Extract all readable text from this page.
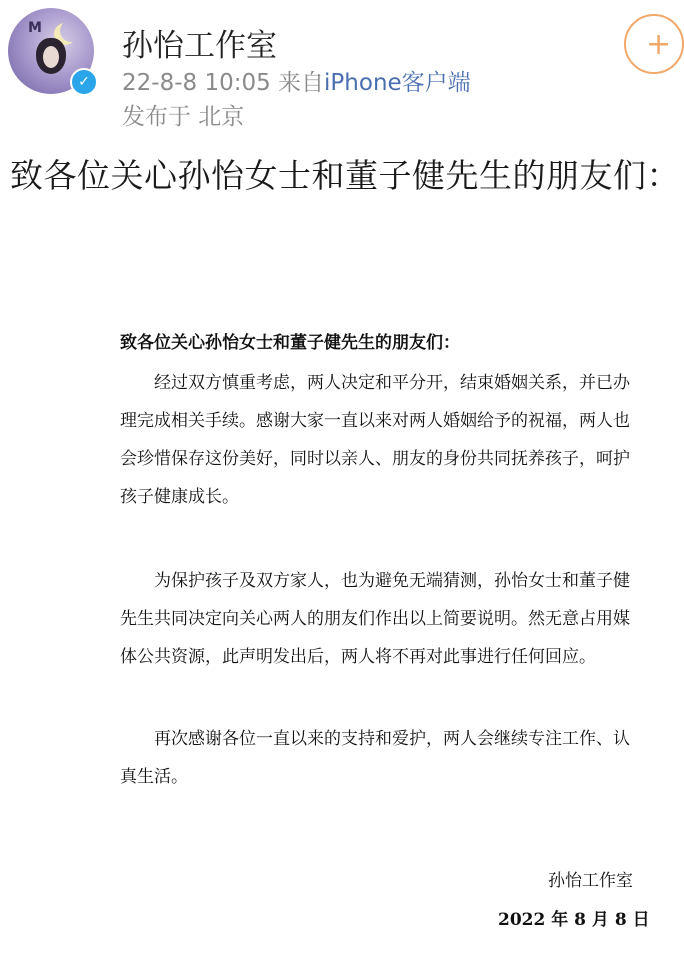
M
✓
孙怡工作室
22-8-8 10:05 来自iPhone客户端
发布于 北京
+
致各位关心孙怡女士和董子健先生的朋友们：
致各位关心孙怡女士和董子健先生的朋友们：

经过双方慎重考虑，两人决定和平分开，结束婚姻关系，并已办理完成相关手续。感谢大家一直以来对两人婚姻给予的祝福，两人也会珍惜保存这份美好，同时以亲人、朋友的身份共同抚养孩子，呵护孩子健康成长。

为保护孩子及双方家人，也为避免无端猜测，孙怡女士和董子健先生共同决定向关心两人的朋友们作出以上简要说明。然无意占用媒体公共资源，此声明发出后，两人将不再对此事进行任何回应。

再次感谢各位一直以来的支持和爱护，两人会继续专注工作、认真生活。

孙怡工作室
2022 年 8 月 8 日
